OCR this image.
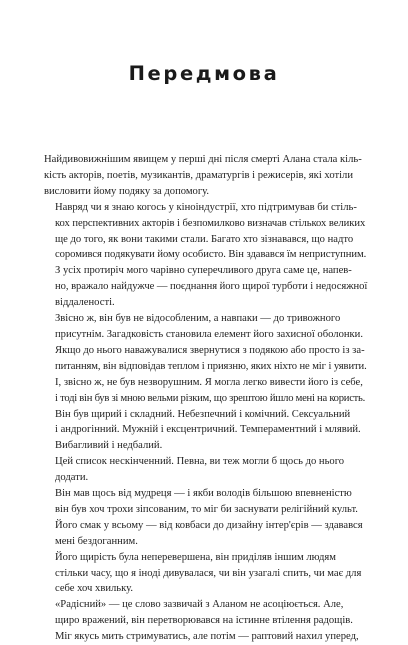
Передмова

Найдивовижнішим явищем у перші дні після смерті Алана стала кіль-
кість акторів, поетів, музикантів, драматургів і режисерів, які хотіли
висловити йому подяку за допомогу.

Навряд чи я знаю когось у кіноіндустрії, хто підтримував би стіль-
кох перспективних акторів і безпомилково визначав стількох великих
ще до того, як вони такими стали. Багато хто зізнавався, що надто
соромився подякувати йому особисто. Він здавався їм неприступним.

З усіх протиріч мого чарівно суперечливого друга саме це, напев-
но, вражало найдужче — поєднання його щирої турботи і недосяжної
віддаленості.

Звісно ж, він був не відособленим, а навпаки — до тривожного
присутнім. Загадковість становила елемент його захисної оболонки.
Якщо до нього наважувалися звернутися з подякою або просто із за-
питанням, він відповідав теплом і приязню, яких ніхто не міг і уявити.
І, звісно ж, не був незворушним. Я могла легко вивести його із себе,
і тоді він був зі мною вельми різким, що зрештою йшло мені на користь.

Він був щирий і складний. Небезпечний і комічний. Сексуальний
і андрогінний. Мужній і ексцентричний. Темпераментний і млявий.
Вибагливий і недбалий.

Цей список нескінченний. Певна, ви теж могли б щось до нього
додати.

Він мав щось від мудреця — і якби володів більшою впевненістю
він був хоч трохи зіпсованим, то міг би заснувати релігійний культ.
Його смак у всьому — від ковбаси до дизайну інтер'єрів — здавався
мені бездоганним.

Його щирість була неперевершена, він приділяв іншим людям
стільки часу, що я іноді дивувалася, чи він узагалі спить, чи має для
себе хоч хвильку.

«Радісний» — це слово зазвичай з Аланом не асоціюється. Але,
щиро вражений, він перетворювався на істинне втілення радощів.
Міг якусь мить стримуватись, але потім — раптовий нахил уперед,
